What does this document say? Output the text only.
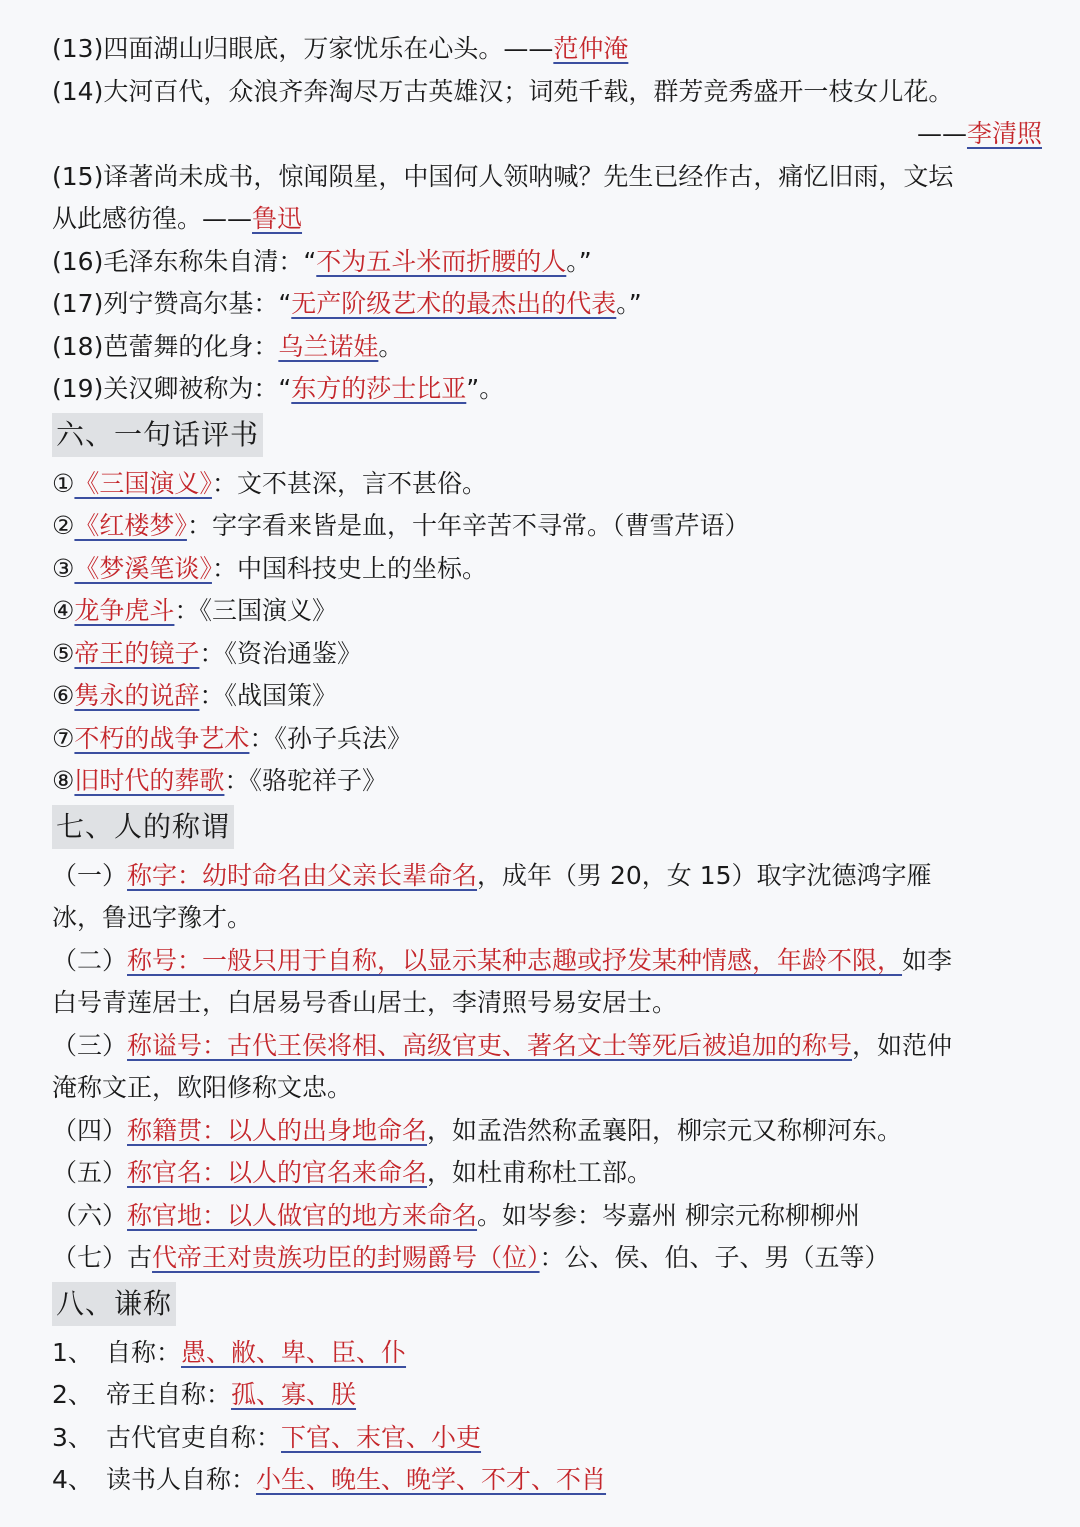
(13)四面湖山归眼底，万家忧乐在心头。——范仲淹
(14)大河百代，众浪齐奔淘尽万古英雄汉；词苑千载，群芳竞秀盛开一枝女儿花。
——李清照
(15)译著尚未成书，惊闻陨星，中国何人领呐喊？先生已经作古，痛忆旧雨，文坛
从此感彷徨。——鲁迅
(16)毛泽东称朱自清：“不为五斗米而折腰的人。”
(17)列宁赞高尔基：“无产阶级艺术的最杰出的代表。”
(18)芭蕾舞的化身：乌兰诺娃。
(19)关汉卿被称为：“东方的莎士比亚”。
六、一句话评书
①《三国演义》：文不甚深，言不甚俗。
②《红楼梦》：字字看来皆是血，十年辛苦不寻常。（曹雪芹语）
③《梦溪笔谈》：中国科技史上的坐标。
④龙争虎斗：《三国演义》
⑤帝王的镜子：《资治通鉴》
⑥隽永的说辞：《战国策》
⑦不朽的战争艺术：《孙子兵法》
⑧旧时代的葬歌：《骆驼祥子》
七、人的称谓
（一）称字：幼时命名由父亲长辈命名，成年（男 20，女 15）取字沈德鸿字雁
冰，鲁迅字豫才。
（二）称号：一般只用于自称，以显示某种志趣或抒发某种情感，年龄不限，如李
白号青莲居士，白居易号香山居士，李清照号易安居士。
（三）称谥号：古代王侯将相、高级官吏、著名文士等死后被追加的称号，如范仲
淹称文正，欧阳修称文忠。
（四）称籍贯：以人的出身地命名，如孟浩然称孟襄阳，柳宗元又称柳河东。
（五）称官名：以人的官名来命名，如杜甫称杜工部。
（六）称官地：以人做官的地方来命名。如岑参：岑嘉州 柳宗元称柳柳州
（七）古代帝王对贵族功臣的封赐爵号（位）：公、侯、伯、子、男（五等）
八、谦称
1、 自称：愚、敝、卑、臣、仆
2、 帝王自称：孤、寡、朕
3、 古代官吏自称：下官、末官、小吏
4、 读书人自称：小生、晚生、晚学、不才、不肖
